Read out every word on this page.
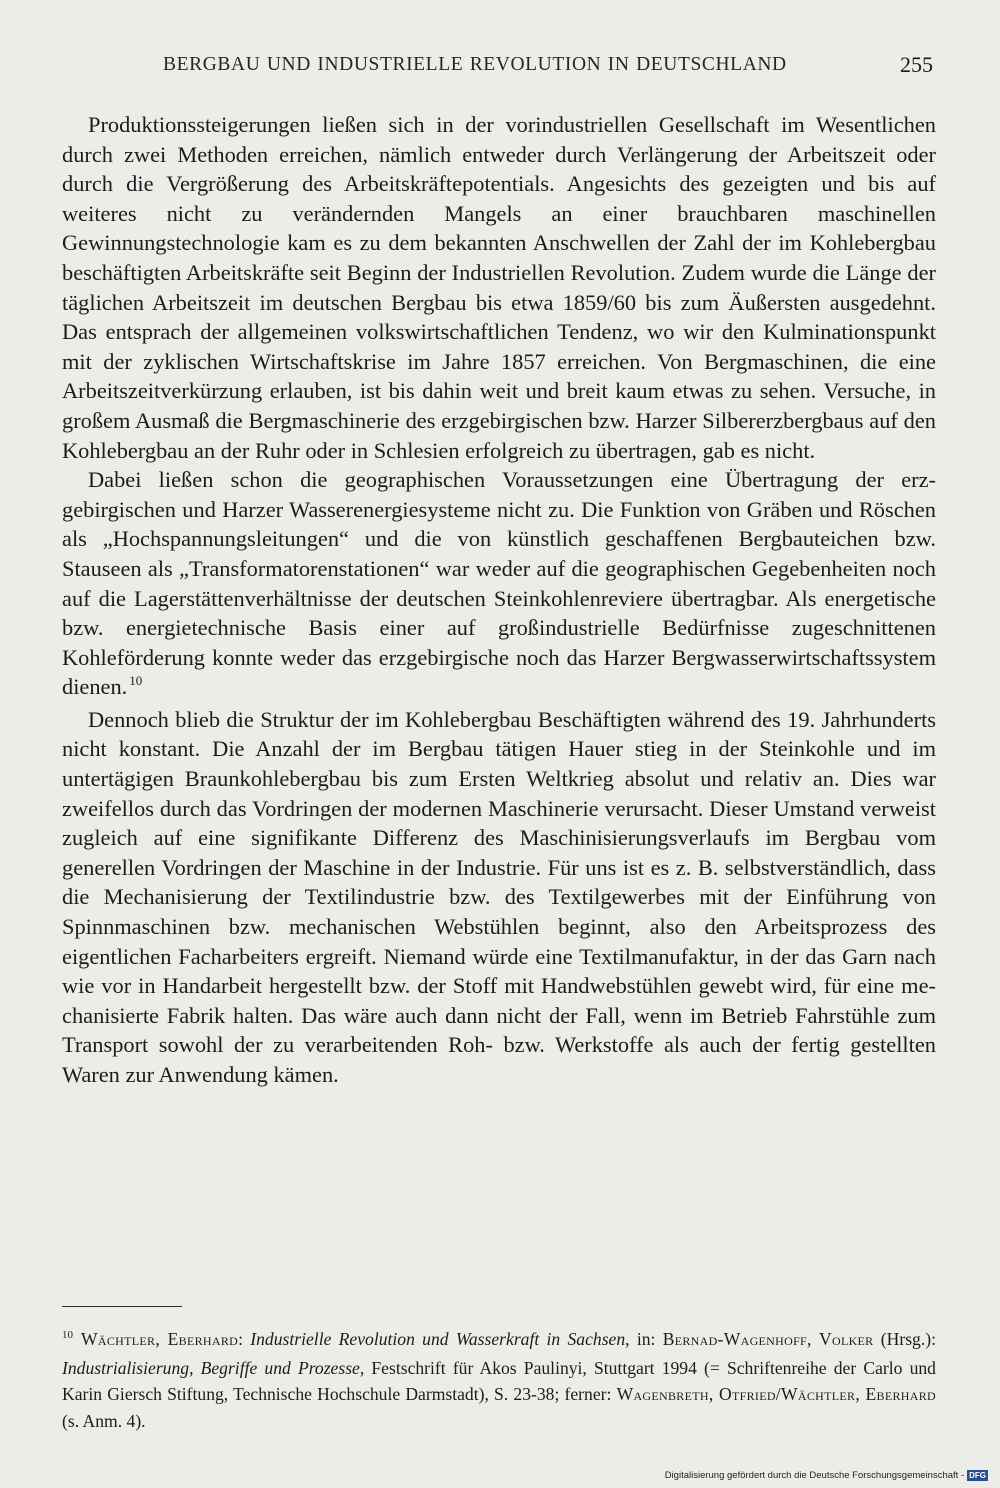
BERGBAU UND INDUSTRIELLE REVOLUTION IN DEUTSCHLAND	255

Produktionssteigerungen ließen sich in der vorindustriellen Gesellschaft im Wesentlichen durch zwei Methoden erreichen, nämlich entweder durch Verlängerung der Arbeitszeit oder durch die Vergrößerung des Arbeitskräftepotentials. Angesichts des gezeigten und bis auf weiteres nicht zu verändernden Mangels an einer brauchbaren maschinellen Gewinnungstechnologie kam es zu dem bekannten Anschwellen der Zahl der im Kohlebergbau beschäftigten Arbeitskräfte seit Beginn der Industriellen Revolution. Zudem wurde die Länge der täglichen Arbeitszeit im deutschen Bergbau bis etwa 1859/60 bis zum Äußersten ausgedehnt. Das entsprach der allgemeinen volkswirtschaftlichen Tendenz, wo wir den Kulminationspunkt mit der zyklischen Wirtschaftskrise im Jahre 1857 erreichen. Von Bergmaschinen, die eine Arbeitszeitverkürzung erlauben, ist bis dahin weit und breit kaum etwas zu sehen. Versuche, in großem Ausmaß die Bergmaschinerie des erzgebirgischen bzw. Harzer Silbererzbergbaus auf den Kohlebergbau an der Ruhr oder in Schlesien erfolgreich zu übertragen, gab es nicht.

Dabei ließen schon die geographischen Voraussetzungen eine Übertragung der erzgebirgischen und Harzer Wasserenergiesysteme nicht zu. Die Funktion von Gräben und Röschen als „Hochspannungsleitungen“ und die von künstlich geschaffenen Bergbauteichen bzw. Stauseen als „Transformatorenstationen“ war weder auf die geographischen Gegebenheiten noch auf die Lagerstättenverhältnisse der deutschen Steinkohlenreviere übertragbar. Als energetische bzw. energietechnische Basis einer auf großindustrielle Bedürfnisse zugeschnittenen Kohleförderung konnte weder das erzgebirgische noch das Harzer Bergwasserwirtschaftssystem dienen. $^{10}$

Dennoch blieb die Struktur der im Kohlebergbau Beschäftigten während des 19. Jahrhunderts nicht konstant. Die Anzahl der im Bergbau tätigen Hauer stieg in der Steinkohle und im untertägigen Braunkohlebergbau bis zum Ersten Weltkrieg absolut und relativ an. Dies war zweifellos durch das Vordringen der modernen Maschinerie verursacht. Dieser Umstand verweist zugleich auf eine signifikante Differenz des Maschinisierungsverlaufs im Bergbau vom generellen Vordringen der Maschine in der Industrie. Für uns ist es z. B. selbstverständlich, dass die Mechanisierung der Textilindustrie bzw. des Textilgewerbes mit der Einführung von Spinnmaschinen bzw. mechanischen Webstühlen beginnt, also den Arbeitsprozess des eigentlichen Facharbeiters ergreift. Niemand würde eine Textilmanufaktur, in der das Garn nach wie vor in Handarbeit hergestellt bzw. der Stoff mit Handwebstühlen gewebt wird, für eine mechanisierte Fabrik halten. Das wäre auch dann nicht der Fall, wenn im Betrieb Fahrstühle zum Transport sowohl der zu verarbeitenden Roh- bzw. Werkstoffe als auch der fertig gestellten Waren zur Anwendung kämen.

$^{10}$ Wächtler, Eberhard: Industrielle Revolution und Wasserkraft in Sachsen, in: Bernad-Wagenhoff, Volker (Hrsg.): Industrialisierung, Begriffe und Prozesse, Festschrift für Akos Paulinyi, Stuttgart 1994 (= Schriftenreihe der Carlo und Karin Giersch Stiftung, Technische Hochschule Darmstadt), S. 23-38; ferner: Wagenbreth, Otfried/Wächtler, Eberhard (s. Anm. 4).
Digitalisierung gefördert durch die Deutsche Forschungsgemeinschaft - DFG
